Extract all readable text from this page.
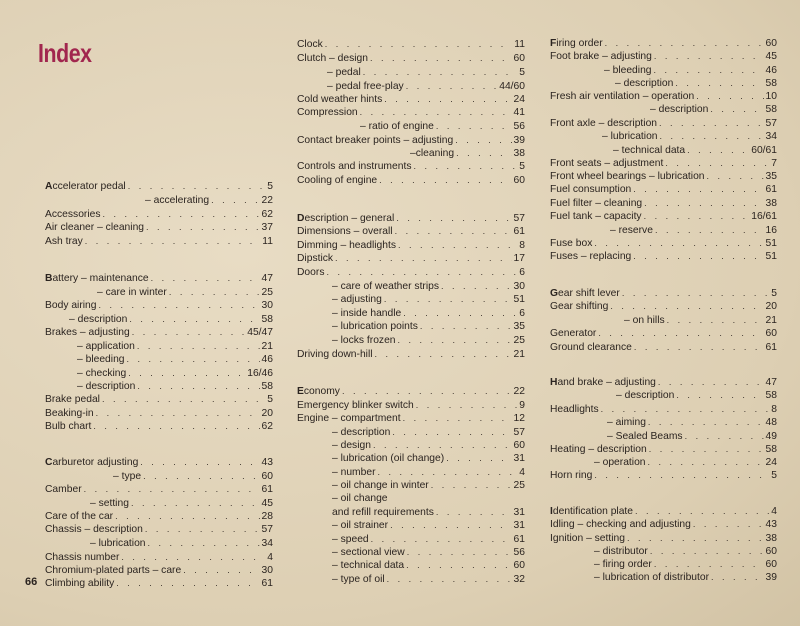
Index
66
Accelerator pedal . . .	5
– accelerating . . .	22
Accessories . . .	62
Air cleaner – cleaning . . .	37
Ash tray . . .	11
Battery – maintenance . . .	47
– care in winter . . .	25
Body airing . . .	30
– description . . .	58
Brakes – adjusting . . .	45/47
– application . . .	21
– bleeding . . .	46
– checking . . .	16/46
– description . . .	58
Brake pedal . . .	5
Beaking-in . . .	20
Bulb chart . . .	62
Carburetor adjusting . . .	43
– type . . .	60
Camber . . .	61
– setting . . .	45
Care of the car . . .	28
Chassis – description . . .	57
– lubrication . . .	34
Chassis number . . .	4
Chromium-plated parts – care . . .	30
Climbing ability . . .	61
Clock . . .	11
Clutch – design . . .	60
– pedal . . .	5
– pedal free-play . . .	44/60
Cold weather hints . . .	24
Compression . . .	41
– ratio of engine . . .	56
Contact breaker points – adjusting . . .	39
–cleaning . . .	38
Controls and instruments . . .	5
Cooling of engine . . .	60
Description – general . . .	57
Dimensions – overall . . .	61
Dimming – headlights . . .	8
Dipstick . . .	17
Doors . . .	6
– care of weather strips . . .	30
– adjusting . . .	51
– inside handle . . .	6
– lubrication points . . .	35
– locks frozen . . .	25
Driving down-hill . . .	21
Economy . . .	22
Emergency blinker switch . . .	9
Engine – compartment . . .	12
– description . . .	57
– design . . .	60
– lubrication (oil change) . . .	31
– number . . .	4
– oil change in winter . . .	25
– oil change
and refill requirements . . .	31
– oil strainer . . .	31
– speed . . .	61
– sectional view . . .	56
– technical data . . .	60
– type of oil . . .	32
Firing order . . .	60
Foot brake – adjusting . . .	45
– bleeding . . .	46
– description . . .	58
Fresh air ventilation – operation . . .	10
– description . . .	58
Front axle – description . . .	57
– lubrication . . .	34
– technical data . . .	60/61
Front seats – adjustment . . .	7
Front wheel bearings – lubrication . . .	35
Fuel consumption . . .	61
Fuel filter – cleaning . . .	38
Fuel tank – capacity . . .	16/61
– reserve . . .	16
Fuse box . . .	51
Fuses – replacing . . .	51
Gear shift lever . . .	5
Gear shifting . . .	20
– on hills . . .	21
Generator . . .	60
Ground clearance . . .	61
Hand brake – adjusting . . .	47
– description . . .	58
Headlights . . .	8
– aiming . . .	48
– Sealed Beams . . .	49
Heating – description . . .	58
– operation . . .	24
Horn ring . . .	5
Identification plate . . .	4
Idling – checking and adjusting . . .	43
Ignition – setting . . .	38
– distributor . . .	60
– firing order . . .	60
– lubrication of distributor . . .	39
